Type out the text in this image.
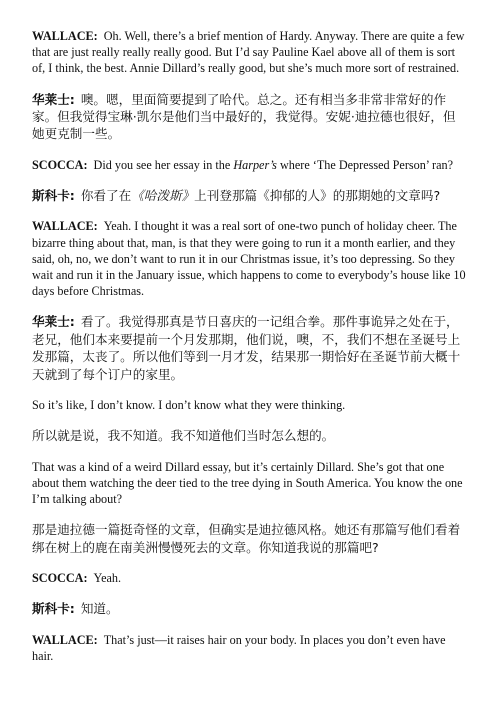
WALLACE: Oh. Well, there’s a brief mention of Hardy. Anyway. There are quite a few that are just really really really good. But I’d say Pauline Kael above all of them is sort of, I think, the best. Annie Dillard’s really good, but she’s much more sort of restrained.

华莱士: 噢。嗯，里面简要提到了哈代。总之。还有相当多非常非常好的作家。但我觉得宝琳·凯尔是他们当中最好的，我觉得。安妮·迪拉德也很好，但她更克制一些。

SCOCCA: Did you see her essay in the Harper’s where ‘The Depressed Person’ ran?

斯科卡: 你看了在《哈泼斯》上刊登那篇《抑郁的人》的那期她的文章吗?

WALLACE: Yeah. I thought it was a real sort of one-two punch of holiday cheer. The bizarre thing about that, man, is that they were going to run it a month earlier, and they said, oh, no, we don’t want to run it in our Christmas issue, it’s too depressing. So they wait and run it in the January issue, which happens to come to everybody’s house like 10 days before Christmas.

华莱士: 看了。我觉得那真是节日喜庆的一记组合拳。那件事诡异之处在于，老兄，他们本来要提前一个月发那期，他们说，噢，不，我们不想在圣诞号上发那篇，太丧了。所以他们等到一月才发，结果那一期恰好在圣诞节前大概十天就到了每个订户的家里。

So it’s like, I don’t know. I don’t know what they were thinking.

所以就是说，我不知道。我不知道他们当时怎么想的。

That was a kind of a weird Dillard essay, but it’s certainly Dillard. She’s got that one about them watching the deer tied to the tree dying in South America. You know the one I’m talking about?

那是迪拉德一篇挺奇怪的文章，但确实是迪拉德风格。她还有那篇写他们看着绑在树上的鹿在南美洲慢慢死去的文章。你知道我说的那篇吧?

SCOCCA: Yeah.

斯科卡: 知道。

WALLACE: That’s just—it raises hair on your body. In places you don’t even have hair.
